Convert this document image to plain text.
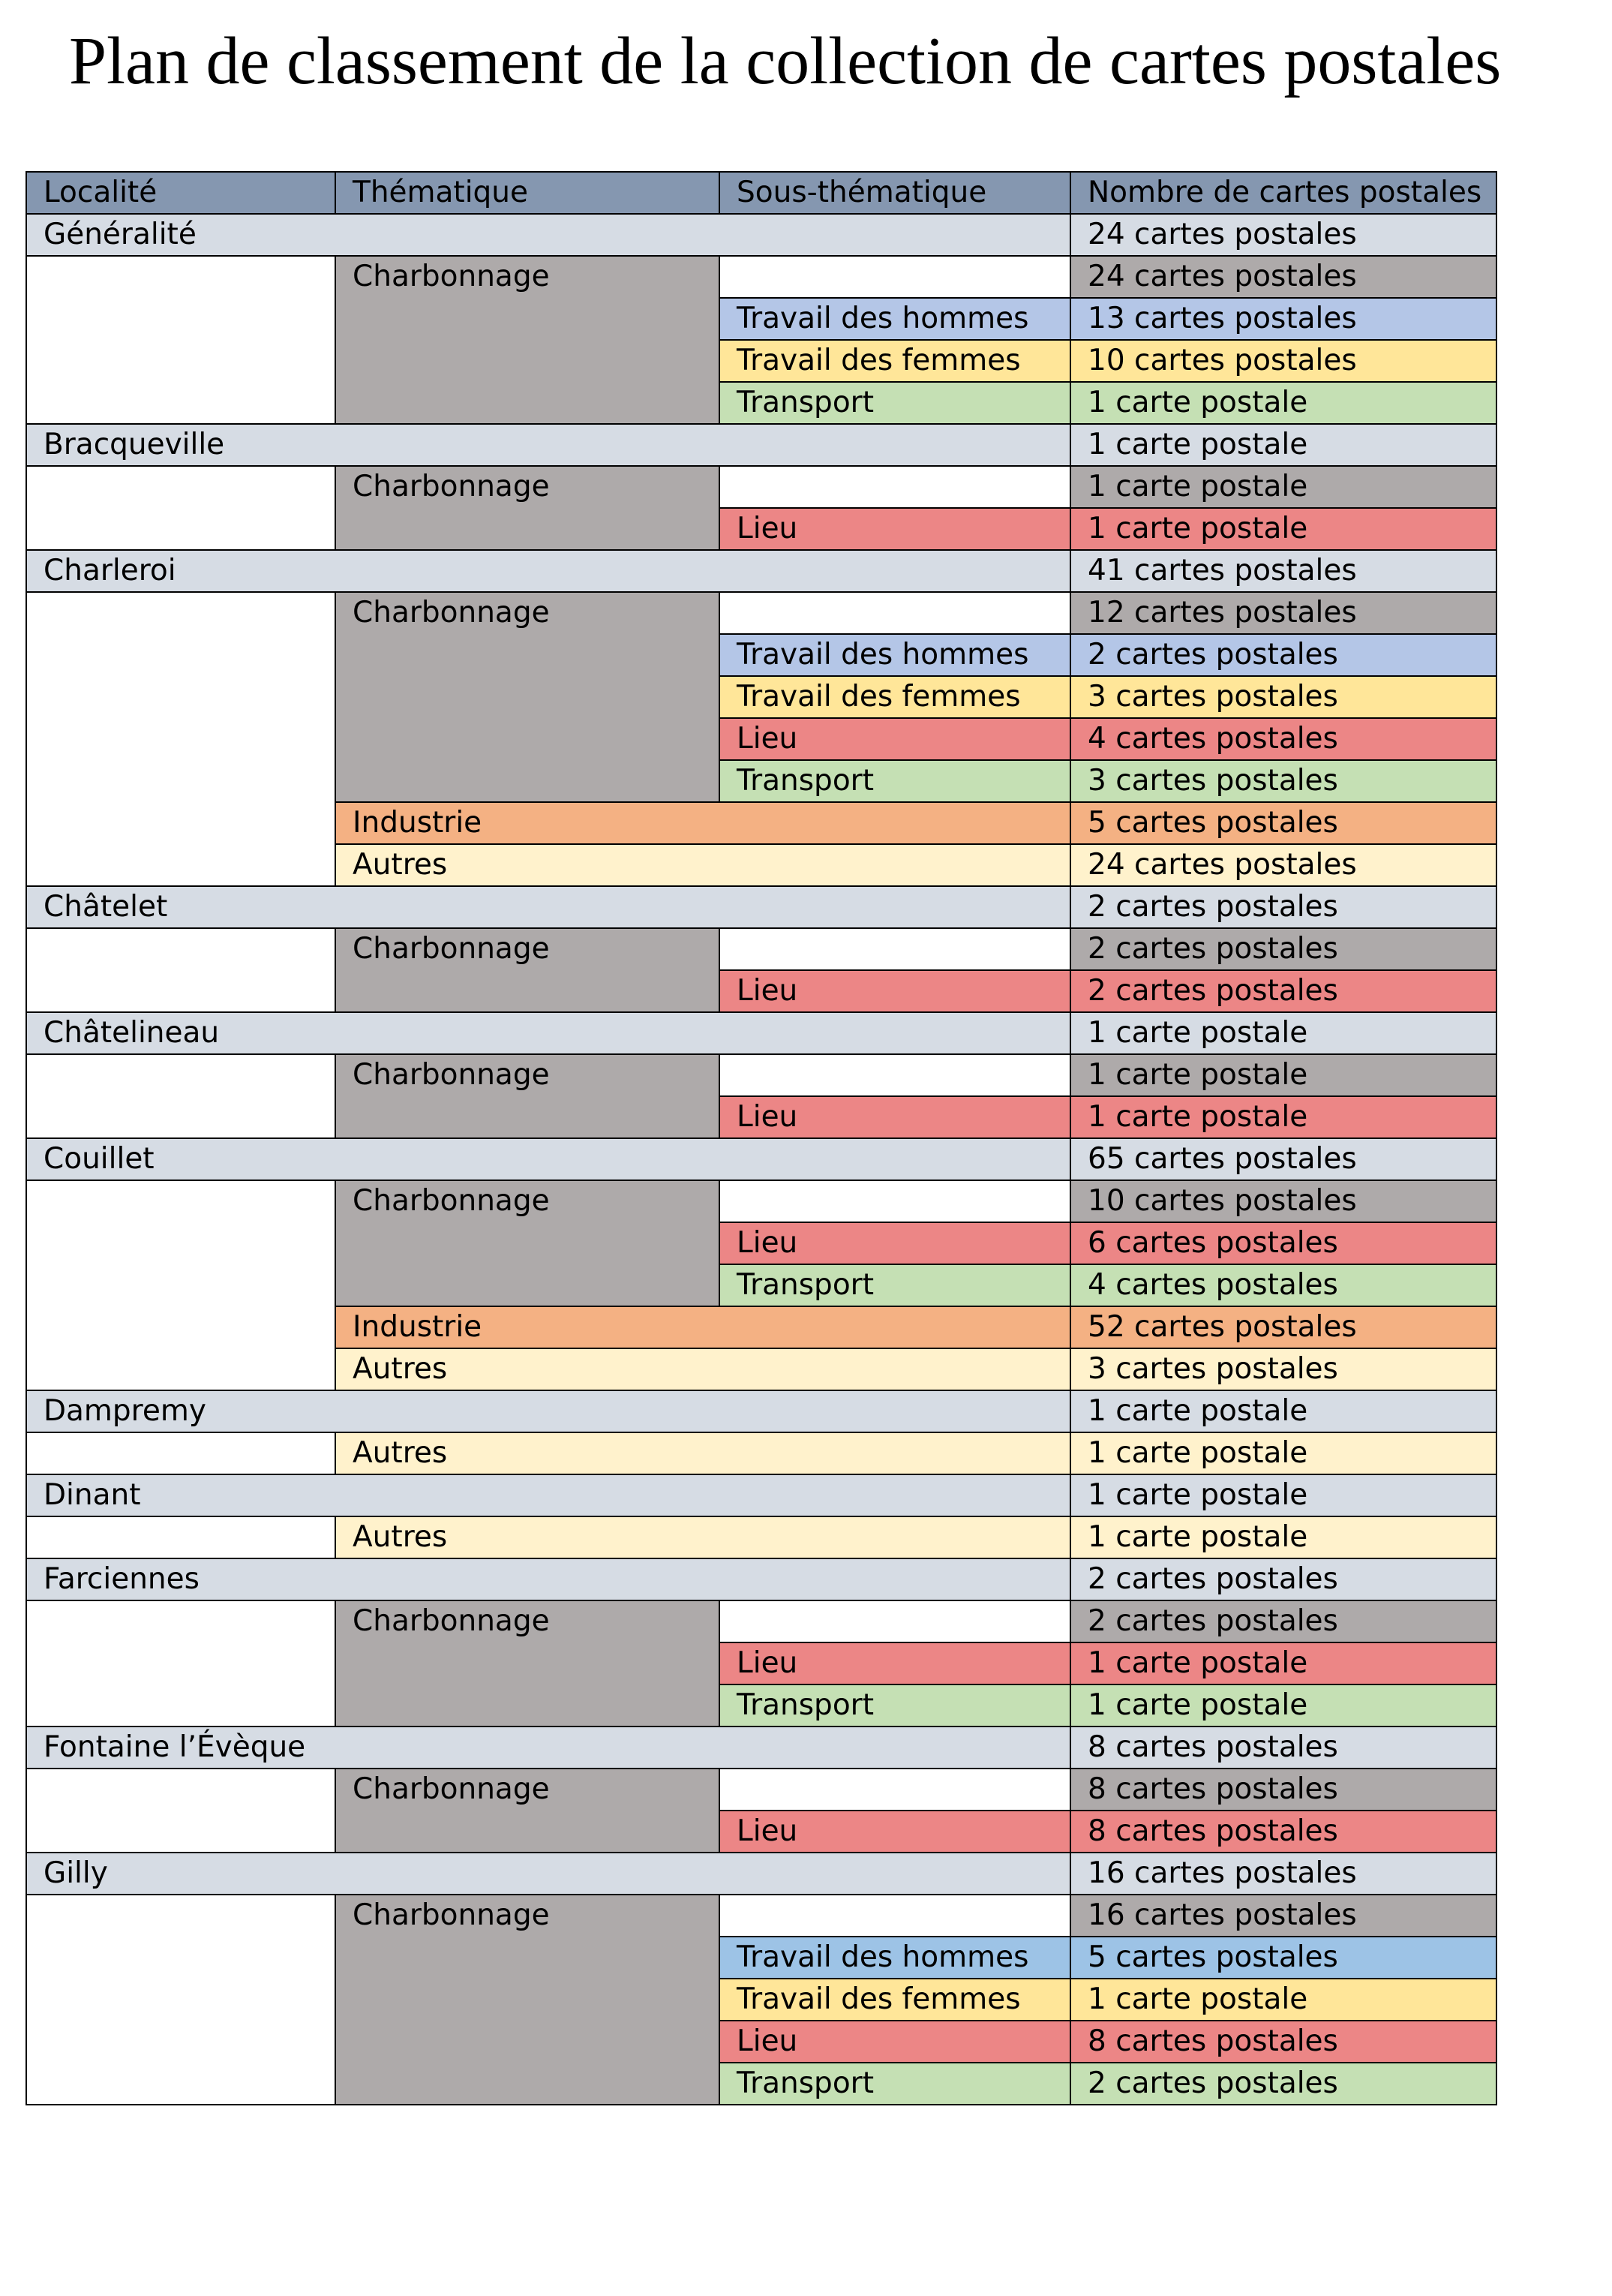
Plan de classement de la collection de cartes postales
Localité	Thématique	Sous-thématique	Nombre de cartes postales
Généralité			24 cartes postales
	Charbonnage		24 cartes postales
		Travail des hommes	13 cartes postales
		Travail des femmes	10 cartes postales
		Transport	1 carte postale
Bracqueville			1 carte postale
	Charbonnage		1 carte postale
		Lieu	1 carte postale
Charleroi			41 cartes postales
	Charbonnage		12 cartes postales
		Travail des hommes	2 cartes postales
		Travail des femmes	3 cartes postales
		Lieu	4 cartes postales
		Transport	3 cartes postales
	Industrie		5 cartes postales
	Autres		24 cartes postales
Châtelet			2 cartes postales
	Charbonnage		2 cartes postales
		Lieu	2 cartes postales
Châtelineau			1 carte postale
	Charbonnage		1 carte postale
		Lieu	1 carte postale
Couillet			65 cartes postales
	Charbonnage		10 cartes postales
		Lieu	6 cartes postales
		Transport	4 cartes postales
	Industrie		52 cartes postales
	Autres		3 cartes postales
Dampremy			1 carte postale
	Autres		1 carte postale
Dinant			1 carte postale
	Autres		1 carte postale
Farciennes			2 cartes postales
	Charbonnage		2 cartes postales
		Lieu	1 carte postale
		Transport	1 carte postale
Fontaine l’Évèque			8 cartes postales
	Charbonnage		8 cartes postales
		Lieu	8 cartes postales
Gilly			16 cartes postales
	Charbonnage		16 cartes postales
		Travail des hommes	5 cartes postales
		Travail des femmes	1 carte postale
		Lieu	8 cartes postales
		Transport	2 cartes postales
